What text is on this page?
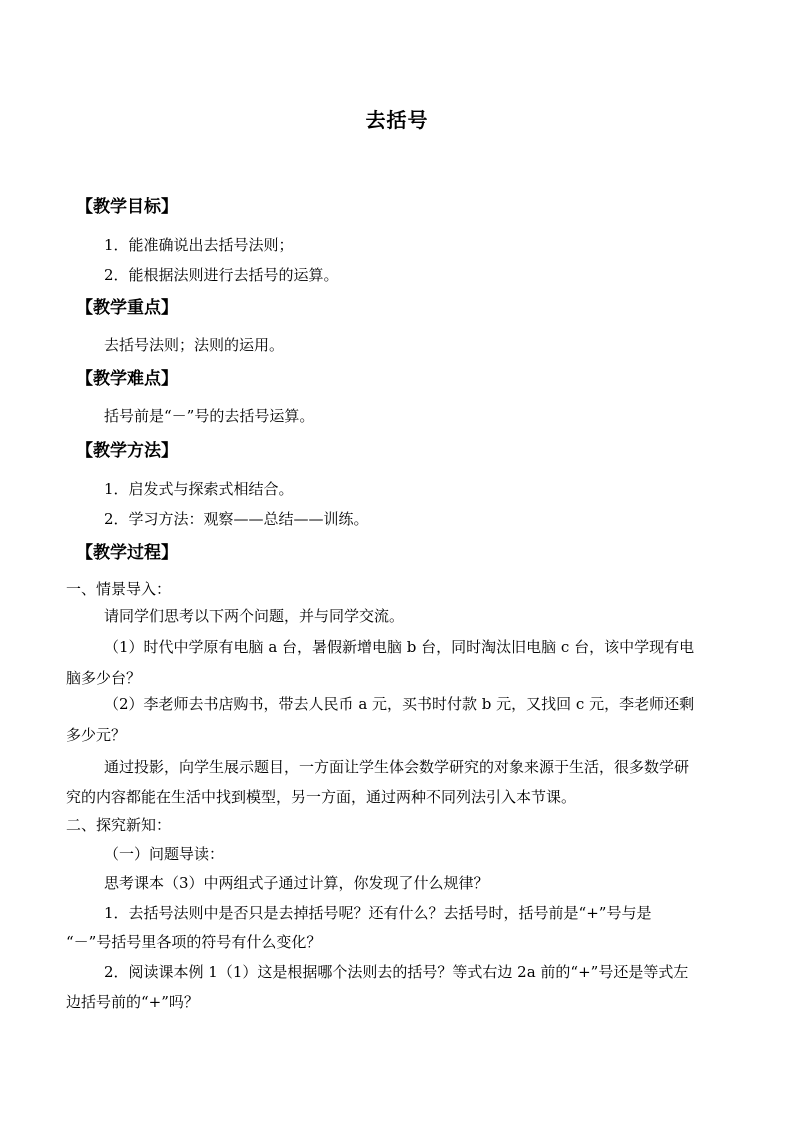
去括号
【教学目标】
1．能准确说出去括号法则；
2．能根据法则进行去括号的运算。
【教学重点】
去括号法则；法则的运用。
【教学难点】
括号前是“－”号的去括号运算。
【教学方法】
1．启发式与探索式相结合。
2．学习方法：观察——总结——训练。
【教学过程】
一、情景导入：
请同学们思考以下两个问题，并与同学交流。
（1）时代中学原有电脑 a 台，暑假新增电脑 b 台，同时淘汰旧电脑 c 台，该中学现有电
脑多少台？
（2）李老师去书店购书，带去人民币 a 元，买书时付款 b 元，又找回 c 元，李老师还剩
多少元？
通过投影，向学生展示题目，一方面让学生体会数学研究的对象来源于生活，很多数学研
究的内容都能在生活中找到模型，另一方面，通过两种不同列法引入本节课。
二、探究新知：
（一）问题导读：
思考课本（3）中两组式子通过计算，你发现了什么规律？
1．去括号法则中是否只是去掉括号呢？还有什么？去括号时，括号前是“+”号与是
“－”号括号里各项的符号有什么变化？
2．阅读课本例 1（1）这是根据哪个法则去的括号？等式右边 2a 前的“+”号还是等式左
边括号前的“+”吗？
